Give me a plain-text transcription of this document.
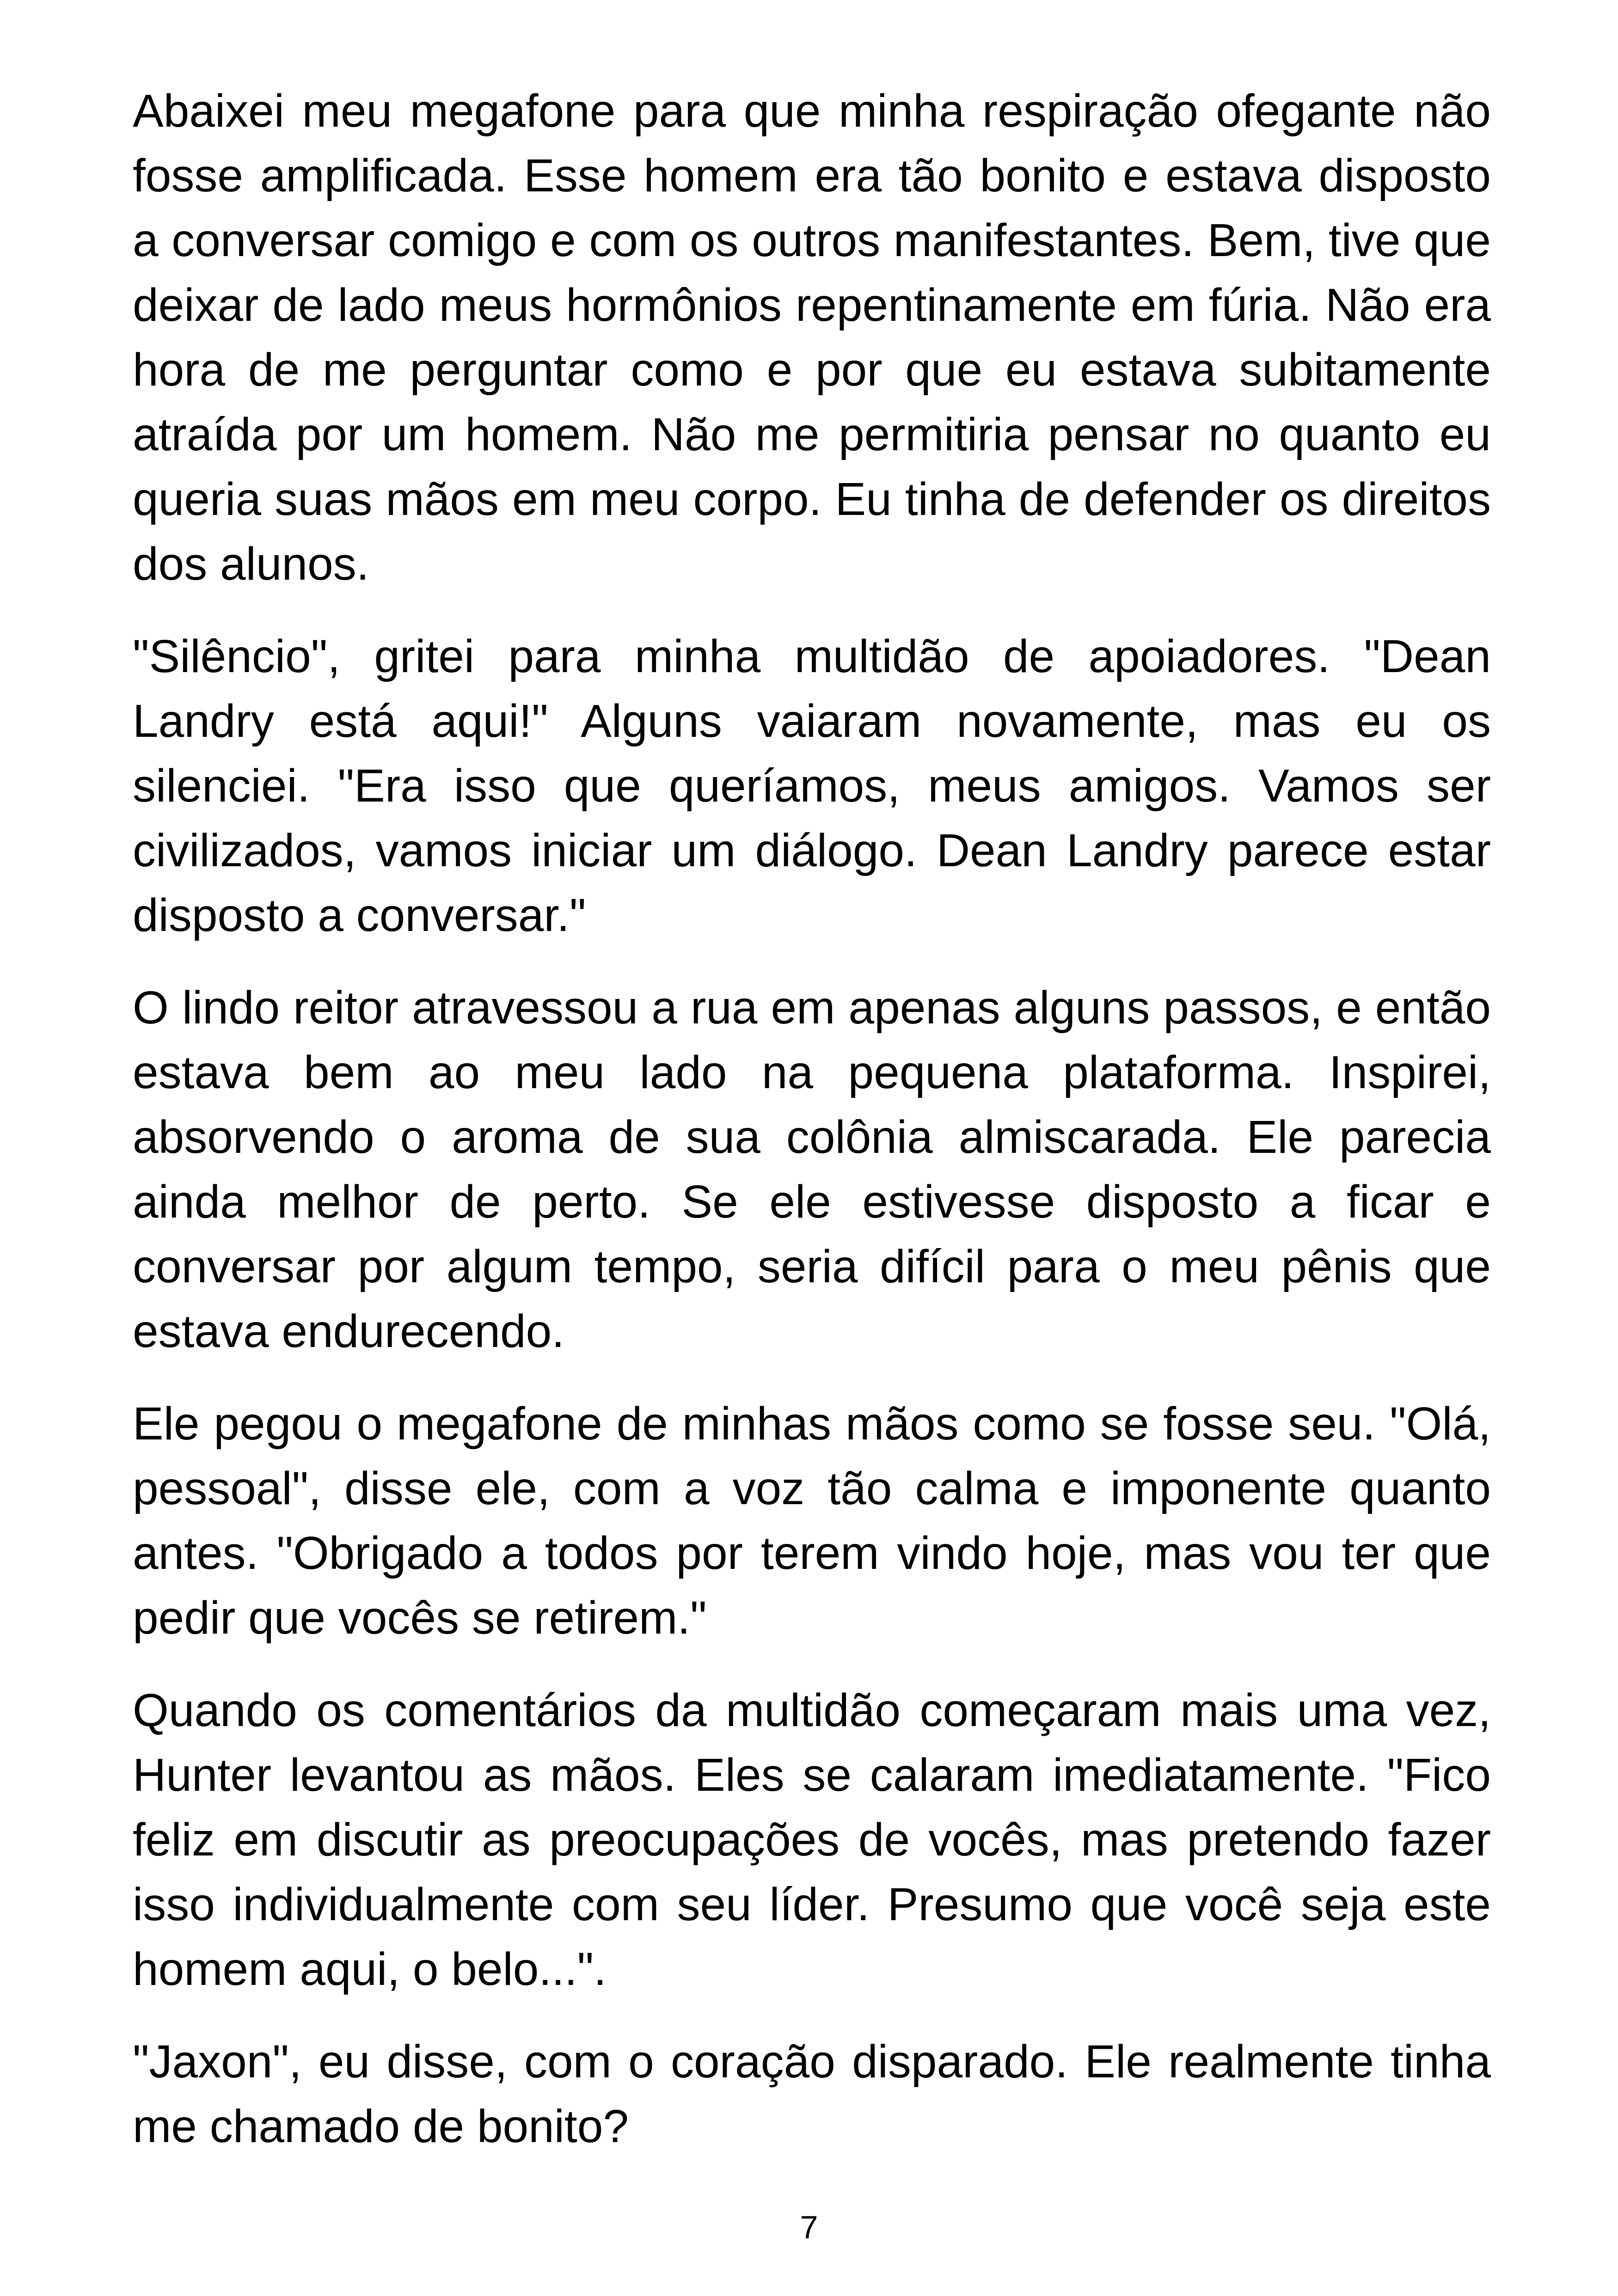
Abaixei meu megafone para que minha respiração ofegante não fosse amplificada. Esse homem era tão bonito e estava disposto a conversar comigo e com os outros manifestantes. Bem, tive que deixar de lado meus hormônios repentinamente em fúria. Não era hora de me perguntar como e por que eu estava subitamente atraída por um homem. Não me permitiria pensar no quanto eu queria suas mãos em meu corpo. Eu tinha de defender os direitos dos alunos.

"Silêncio", gritei para minha multidão de apoiadores. "Dean Landry está aqui!" Alguns vaiaram novamente, mas eu os silenciei. "Era isso que queríamos, meus amigos. Vamos ser civilizados, vamos iniciar um diálogo. Dean Landry parece estar disposto a conversar."

O lindo reitor atravessou a rua em apenas alguns passos, e então estava bem ao meu lado na pequena plataforma. Inspirei, absorvendo o aroma de sua colônia almiscarada. Ele parecia ainda melhor de perto. Se ele estivesse disposto a ficar e conversar por algum tempo, seria difícil para o meu pênis que estava endurecendo.

Ele pegou o megafone de minhas mãos como se fosse seu. "Olá, pessoal", disse ele, com a voz tão calma e imponente quanto antes. "Obrigado a todos por terem vindo hoje, mas vou ter que pedir que vocês se retirem."

Quando os comentários da multidão começaram mais uma vez, Hunter levantou as mãos. Eles se calaram imediatamente. "Fico feliz em discutir as preocupações de vocês, mas pretendo fazer isso individualmente com seu líder. Presumo que você seja este homem aqui, o belo...".

"Jaxon", eu disse, com o coração disparado. Ele realmente tinha me chamado de bonito?

7
